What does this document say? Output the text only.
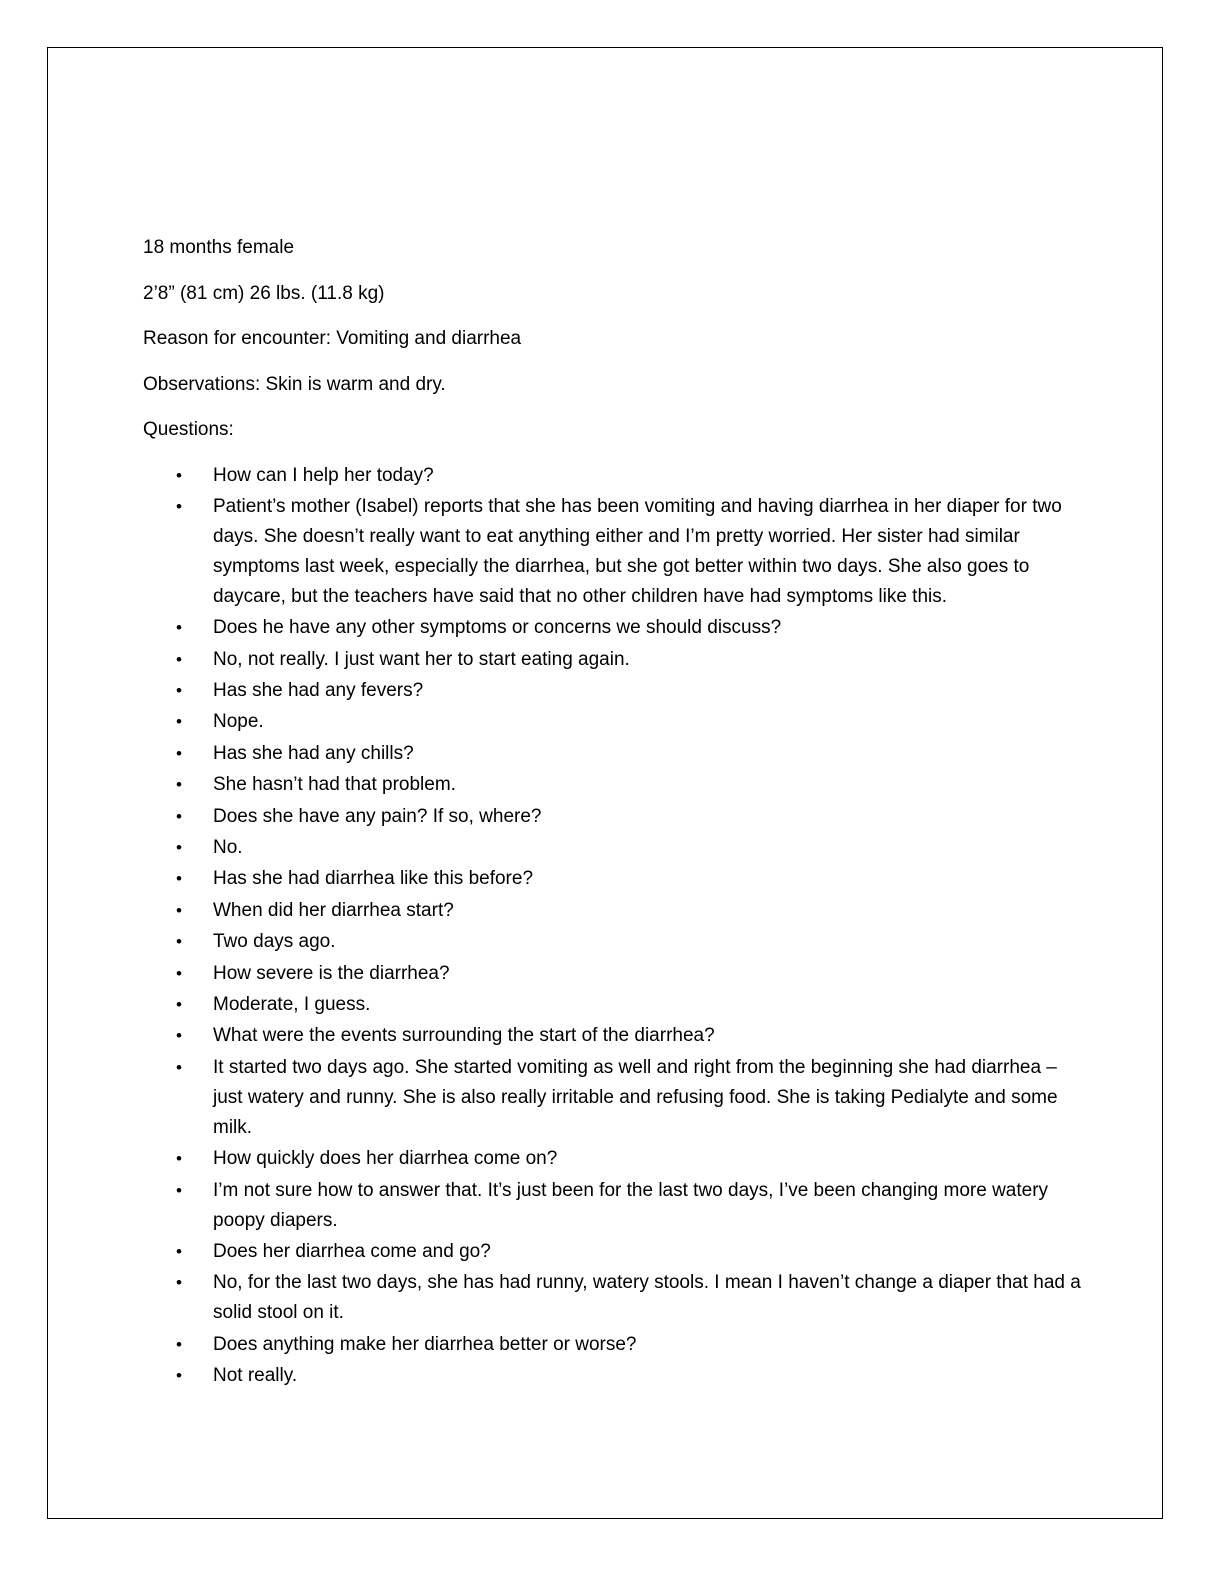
18 months female

2’8” (81 cm) 26 lbs. (11.8 kg)

Reason for encounter: Vomiting and diarrhea

Observations: Skin is warm and dry.

Questions:

• How can I help her today?
• Patient’s mother (Isabel) reports that she has been vomiting and having diarrhea in her diaper for two days. She doesn’t really want to eat anything either and I’m pretty worried. Her sister had similar symptoms last week, especially the diarrhea, but she got better within two days. She also goes to daycare, but the teachers have said that no other children have had symptoms like this.
• Does he have any other symptoms or concerns we should discuss?
• No, not really. I just want her to start eating again.
• Has she had any fevers?
• Nope.
• Has she had any chills?
• She hasn’t had that problem.
• Does she have any pain? If so, where?
• No.
• Has she had diarrhea like this before?
• When did her diarrhea start?
• Two days ago.
• How severe is the diarrhea?
• Moderate, I guess.
• What were the events surrounding the start of the diarrhea?
• It started two days ago. She started vomiting as well and right from the beginning she had diarrhea – just watery and runny. She is also really irritable and refusing food. She is taking Pedialyte and some milk.
• How quickly does her diarrhea come on?
• I’m not sure how to answer that. It’s just been for the last two days, I’ve been changing more watery poopy diapers.
• Does her diarrhea come and go?
• No, for the last two days, she has had runny, watery stools. I mean I haven’t change a diaper that had a solid stool on it.
• Does anything make her diarrhea better or worse?
• Not really.
